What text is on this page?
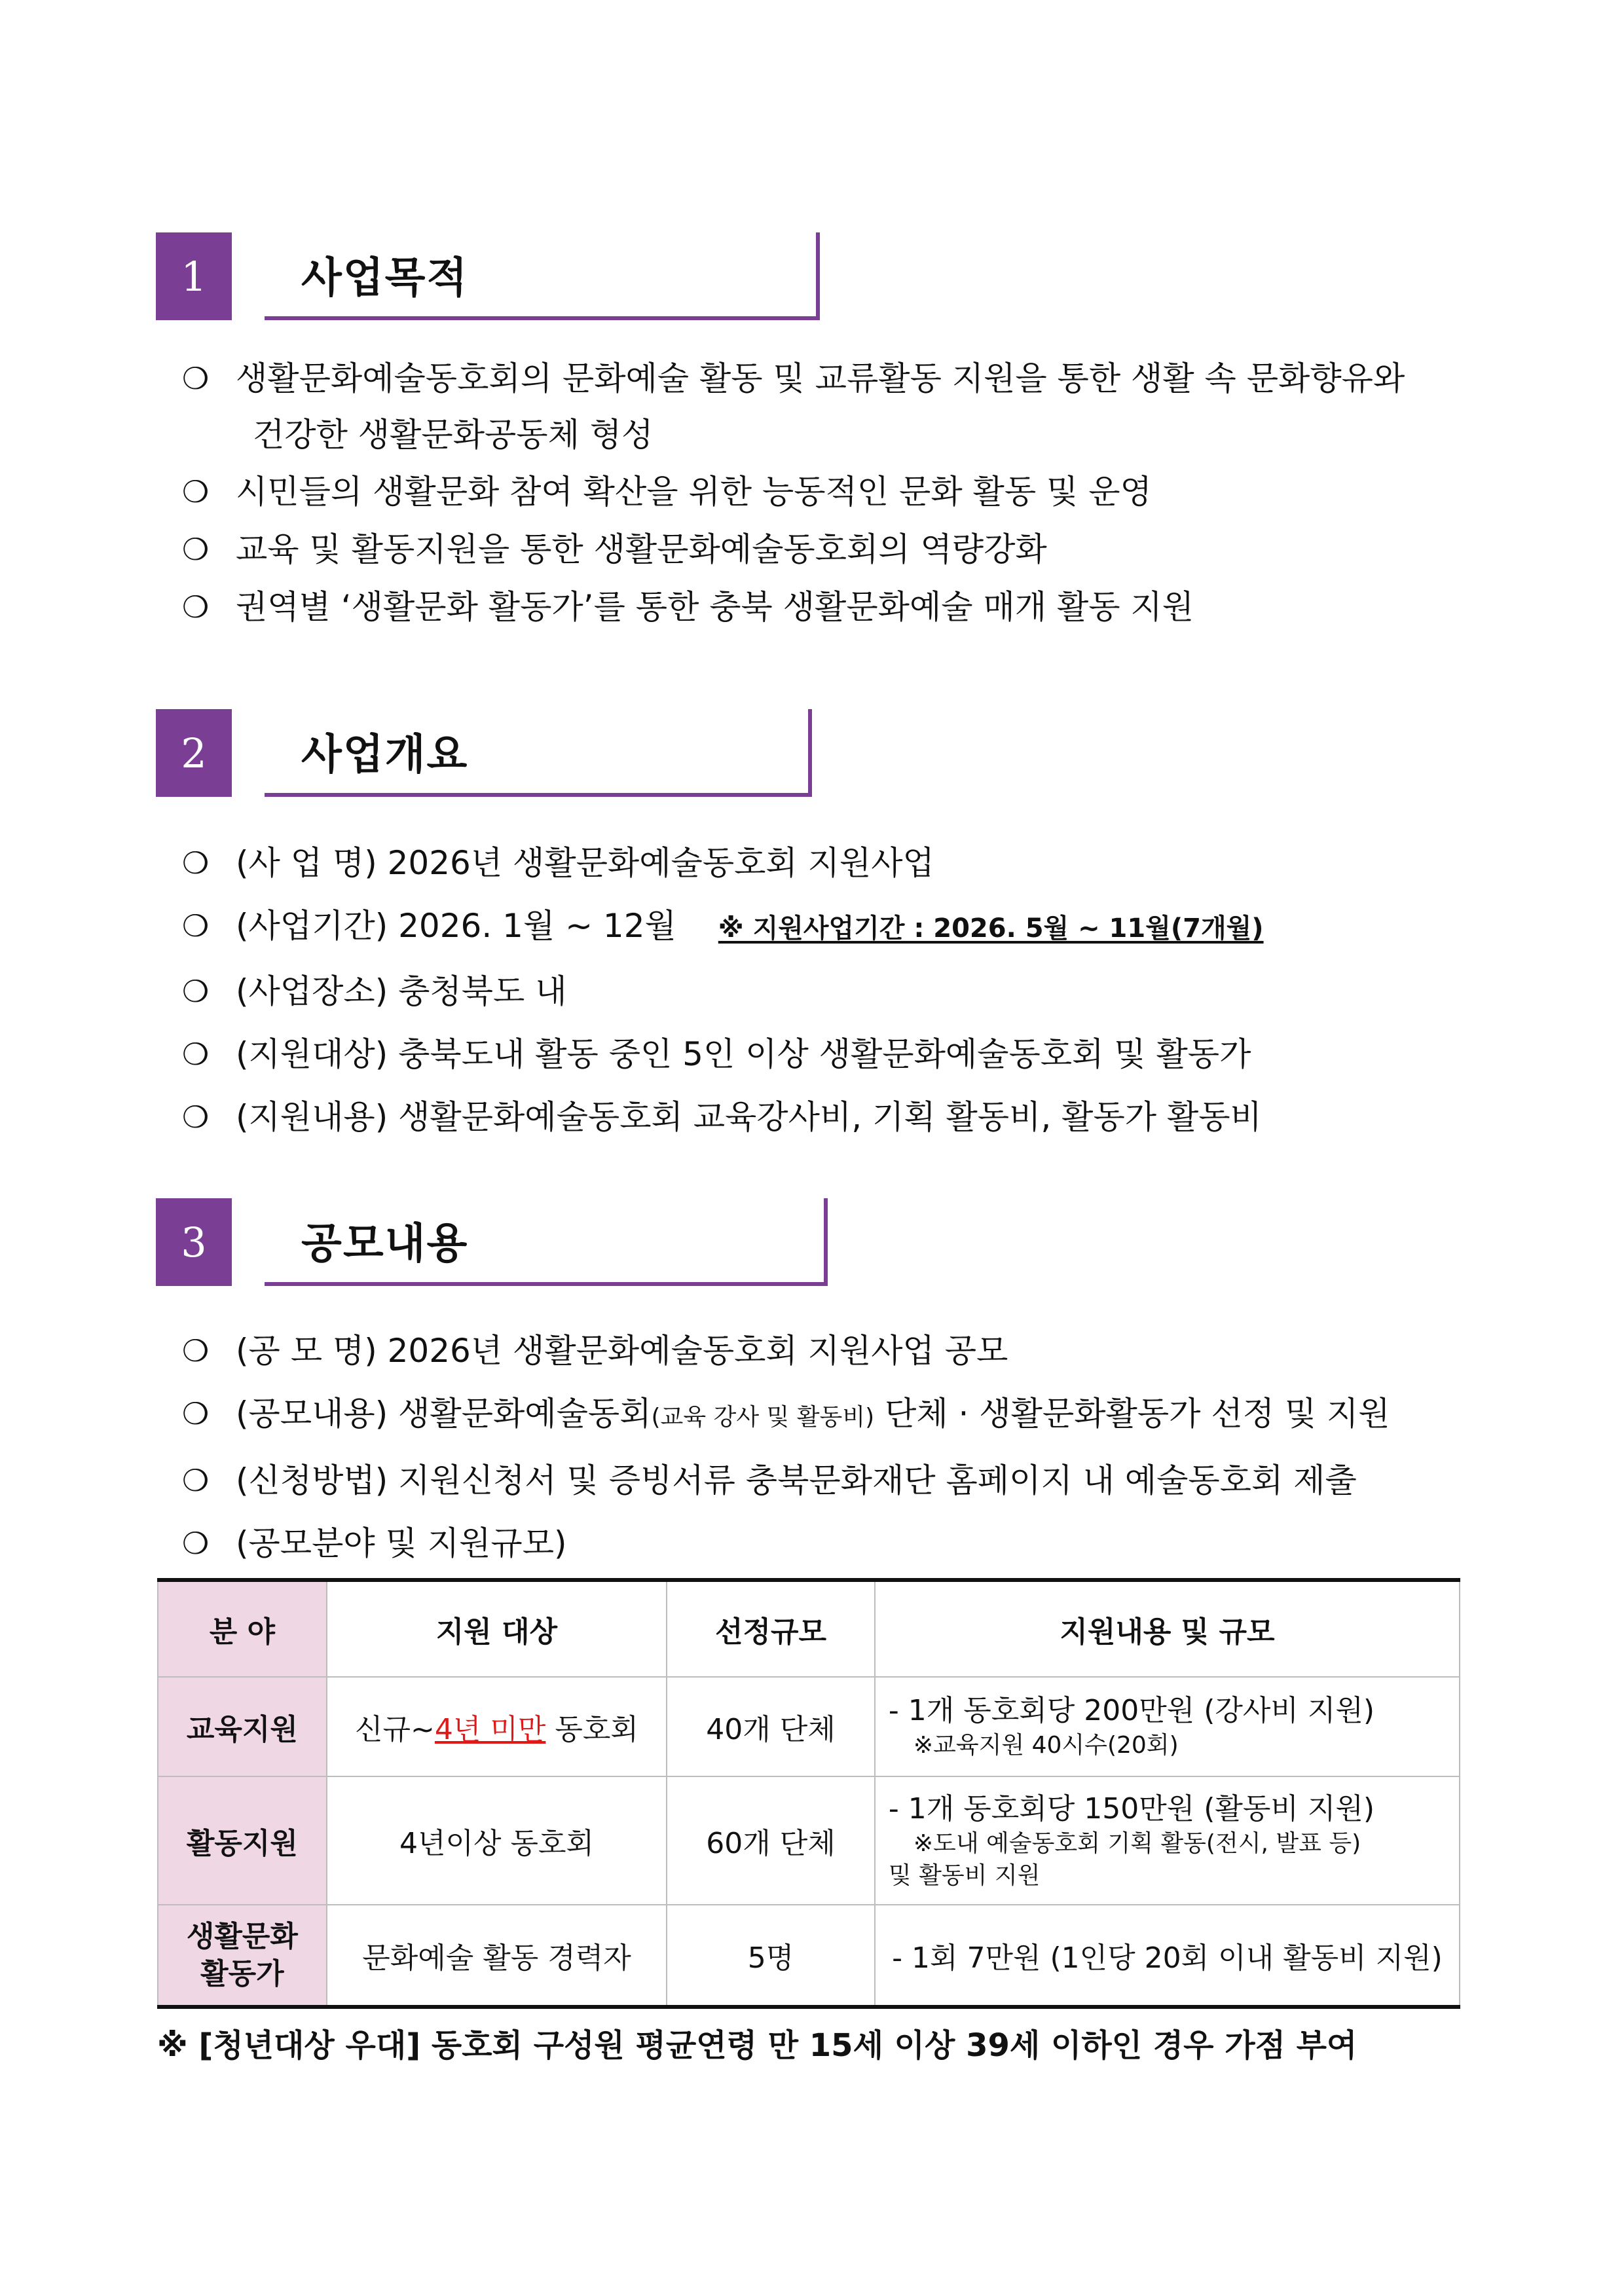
1	사업목적
❍ 생활문화예술동호회의 문화예술 활동 및 교류활동 지원을 통한 생활 속 문화향유와
건강한 생활문화공동체 형성
❍ 시민들의 생활문화 참여 확산을 위한 능동적인 문화 활동 및 운영
❍ 교육 및 활동지원을 통한 생활문화예술동호회의 역량강화
❍ 권역별 ‘생활문화 활동가’를 통한 충북 생활문화예술 매개 활동 지원
2	사업개요
❍ (사 업 명) 2026년 생활문화예술동호회 지원사업
❍ (사업기간) 2026. 1월 ~ 12월 ※ 지원사업기간 : 2026. 5월 ~ 11월(7개월)
❍ (사업장소) 충청북도 내
❍ (지원대상) 충북도내 활동 중인 5인 이상 생활문화예술동호회 및 활동가
❍ (지원내용) 생활문화예술동호회 교육강사비, 기획 활동비, 활동가 활동비
3	공모내용
❍ (공 모 명) 2026년 생활문화예술동호회 지원사업 공모
❍ (공모내용) 생활문화예술동회(교육 강사 및 활동비) 단체 · 생활문화활동가 선정 및 지원
❍ (신청방법) 지원신청서 및 증빙서류 충북문화재단 홈페이지 내 예술동호회 제출
❍ (공모분야 및 지원규모)
분 야	지원 대상	선정규모	지원내용 및 규모
교육지원	신규~4년 미만 동호회	40개 단체	- 1개 동호회당 200만원 (강사비 지원)
※교육지원 40시수(20회)

활동지원	4년이상 동호회	60개 단체	- 1개 동호회당 150만원 (활동비 지원)
※도내 예술동호회 기획 활동(전시, 발표 등)
및 활동비 지원

생활문화
활동가	문화예술 활동 경력자	5명	- 1회 7만원 (1인당 20회 이내 활동비 지원)
※ [청년대상 우대] 동호회 구성원 평균연령 만 15세 이상 39세 이하인 경우 가점 부여
